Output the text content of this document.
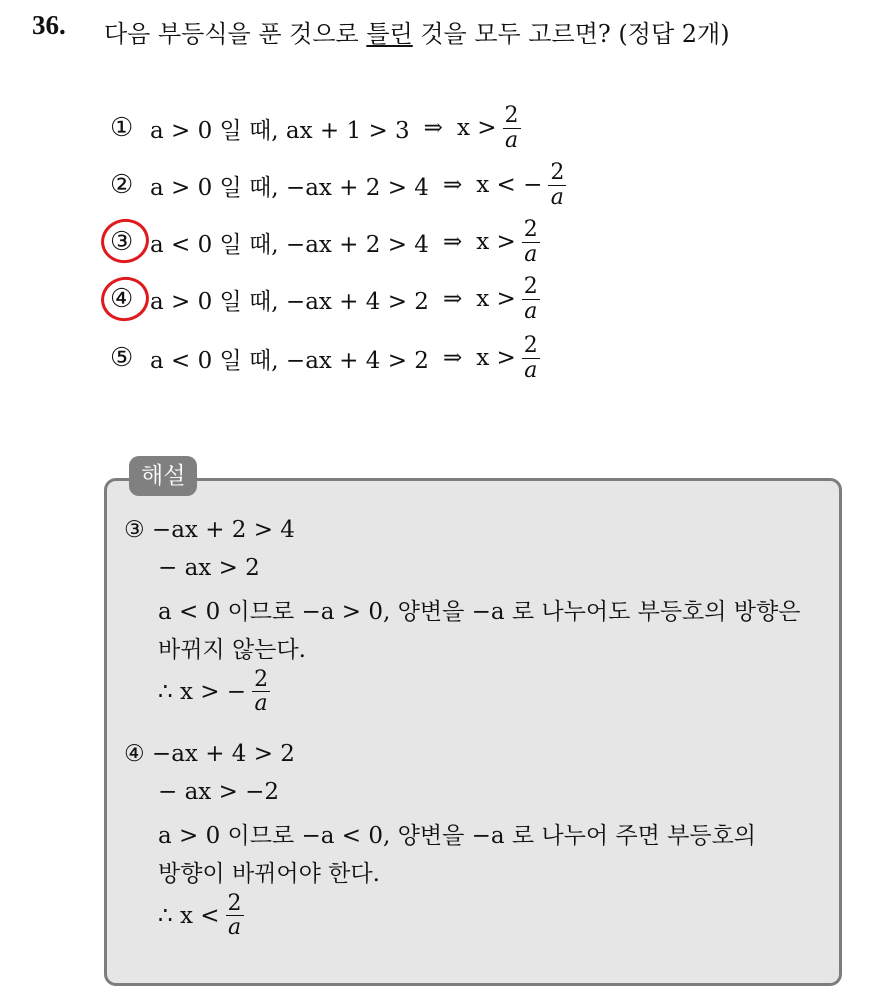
36. 다음 부등식을 푼 것으로 틀린 것을 모두 고르면? (정답 2개)
① a > 0 일 때, ax + 1 > 3 ⇒ $x > \frac{2}{a}$
② a > 0 일 때, −ax + 2 > 4 ⇒ x < − $\frac{2}{a}$
③ a < 0 일 때, −ax + 2 > 4 ⇒ $x > \frac{2}{a}$
④ a > 0 일 때, −ax + 4 > 2 ⇒ $x > \frac{2}{a}$
⑤ a < 0 일 때, −ax + 4 > 2 ⇒ $x > \frac{2}{a}$
해설
③ −ax + 2 > 4
− ax > 2
a < 0 이므로 −a > 0, 양변을 −a 로 나누어도 부등호의 방향은
바뀌지 않는다.
∴ x > − $\frac{2}{a}$
④ −ax + 4 > 2
− ax > −2
a > 0 이므로 −a < 0, 양변을 −a 로 나누어 주면 부등호의
방향이 바뀌어야 한다.
∴ $x < \frac{2}{a}$
